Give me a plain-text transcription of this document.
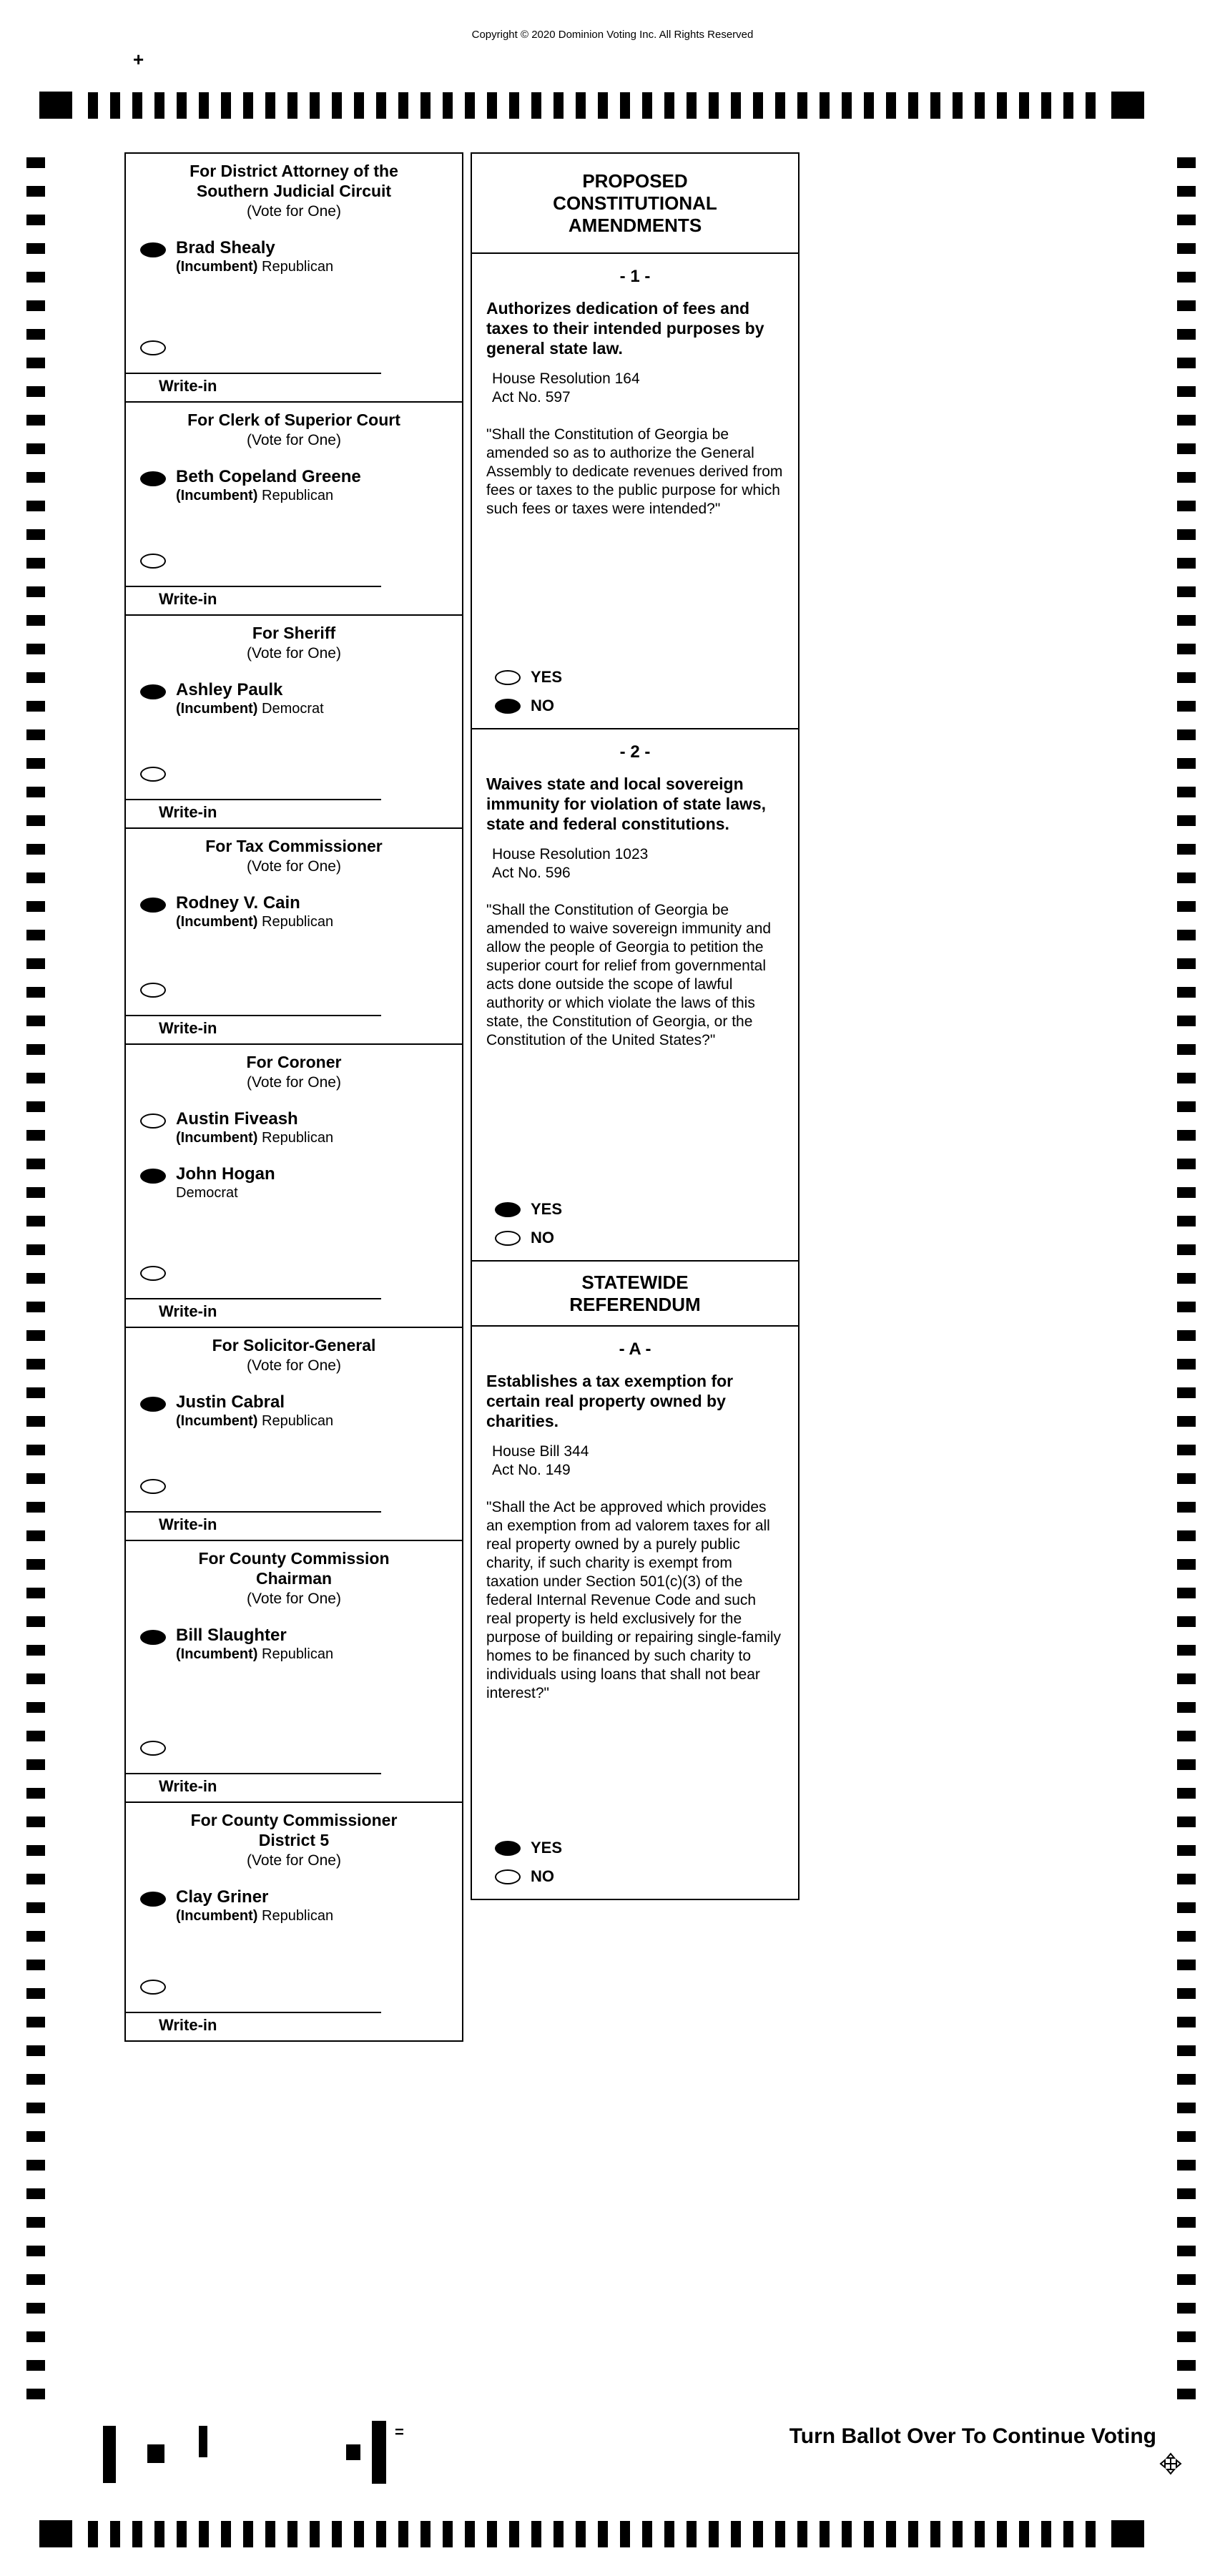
Copyright © 2020 Dominion Voting Inc. All Rights Reserved
+
For District Attorney of the
Southern Judicial Circuit
(Vote for One)
Brad Shealy
(Incumbent) Republican
Write-in
For Clerk of Superior Court
(Vote for One)
Beth Copeland Greene
(Incumbent) Republican
Write-in
For Sheriff
(Vote for One)
Ashley Paulk
(Incumbent) Democrat
Write-in
For Tax Commissioner
(Vote for One)
Rodney V. Cain
(Incumbent) Republican
Write-in
For Coroner
(Vote for One)
Austin Fiveash
(Incumbent) Republican
John Hogan
Democrat
Write-in
For Solicitor-General
(Vote for One)
Justin Cabral
(Incumbent) Republican
Write-in
For County Commission
Chairman
(Vote for One)
Bill Slaughter
(Incumbent) Republican
Write-in
For County Commissioner
District 5
(Vote for One)
Clay Griner
(Incumbent) Republican
Write-in
PROPOSED
CONSTITUTIONAL
AMENDMENTS
- 1 -
Authorizes dedication of fees and taxes to their intended purposes by general state law.
House Resolution 164
Act No. 597
"Shall the Constitution of Georgia be amended so as to authorize the General Assembly to dedicate revenues derived from fees or taxes to the public purpose for which such fees or taxes were intended?"
YES
NO
- 2 -
Waives state and local sovereign immunity for violation of state laws, state and federal constitutions.
House Resolution 1023
Act No. 596
"Shall the Constitution of Georgia be amended to waive sovereign immunity and allow the people of Georgia to petition the superior court for relief from governmental acts done outside the scope of lawful authority or which violate the laws of this state, the Constitution of Georgia, or the Constitution of the United States?"
YES
NO
STATEWIDE
REFERENDUM
- A -
Establishes a tax exemption for certain real property owned by charities.
House Bill 344
Act No. 149
"Shall the Act be approved which provides an exemption from ad valorem taxes for all real property owned by a purely public charity, if such charity is exempt from taxation under Section 501(c)(3) of the federal Internal Revenue Code and such real property is held exclusively for the purpose of building or repairing single-family homes to be financed by such charity to individuals using loans that shall not bear interest?"
YES
NO
=	Turn Ballot Over To Continue Voting
